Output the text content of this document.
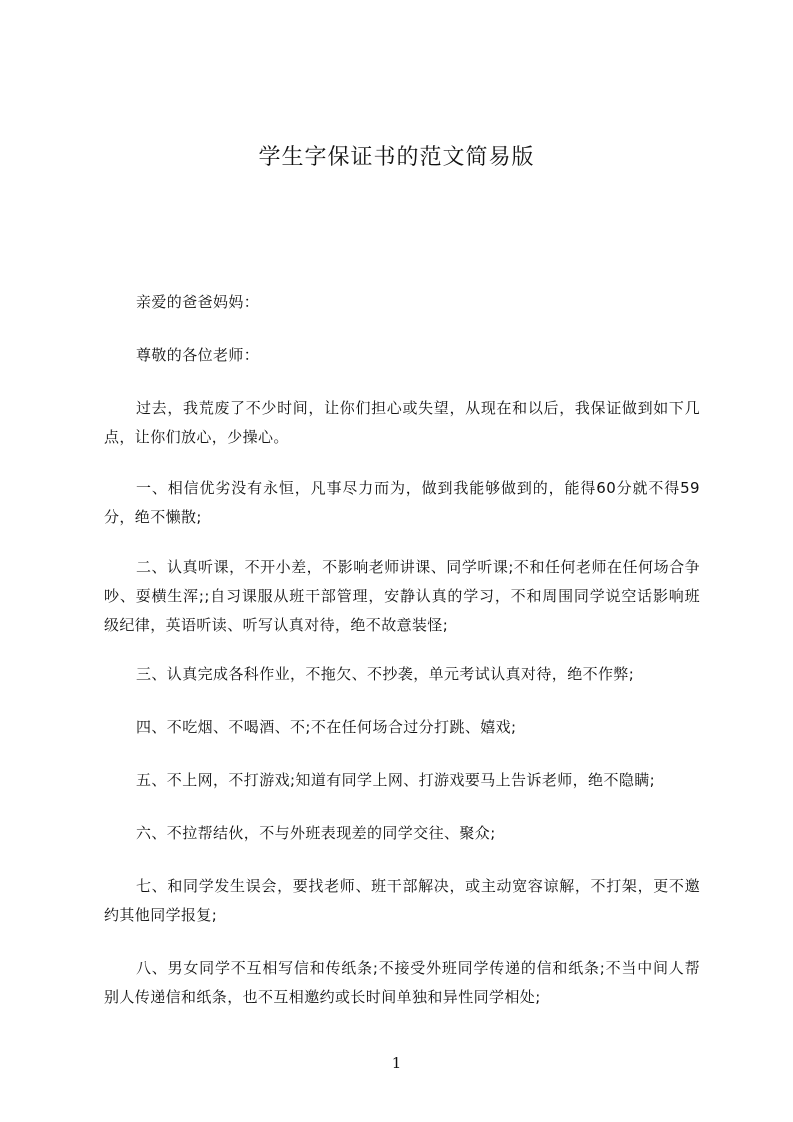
学生字保证书的范文简易版

亲爱的爸爸妈妈：

尊敬的各位老师：

过去，我荒废了不少时间，让你们担心或失望，从现在和以后，我保证做到如下几点，让你们放心，少操心。

一、相信优劣没有永恒，凡事尽力而为，做到我能够做到的，能得60分就不得59分，绝不懒散;

二、认真听课，不开小差，不影响老师讲课、同学听课;不和任何老师在任何场合争吵、耍横生浑;;自习课服从班干部管理，安静认真的学习，不和周围同学说空话影响班级纪律，英语听读、听写认真对待，绝不故意装怪;

三、认真完成各科作业，不拖欠、不抄袭，单元考试认真对待，绝不作弊;

四、不吃烟、不喝酒、不;不在任何场合过分打跳、嬉戏;

五、不上网，不打游戏;知道有同学上网、打游戏要马上告诉老师，绝不隐瞒;

六、不拉帮结伙，不与外班表现差的同学交往、聚众;

七、和同学发生误会，要找老师、班干部解决，或主动宽容谅解，不打架，更不邀约其他同学报复;

八、男女同学不互相写信和传纸条;不接受外班同学传递的信和纸条;不当中间人帮别人传递信和纸条，也不互相邀约或长时间单独和异性同学相处;

1
